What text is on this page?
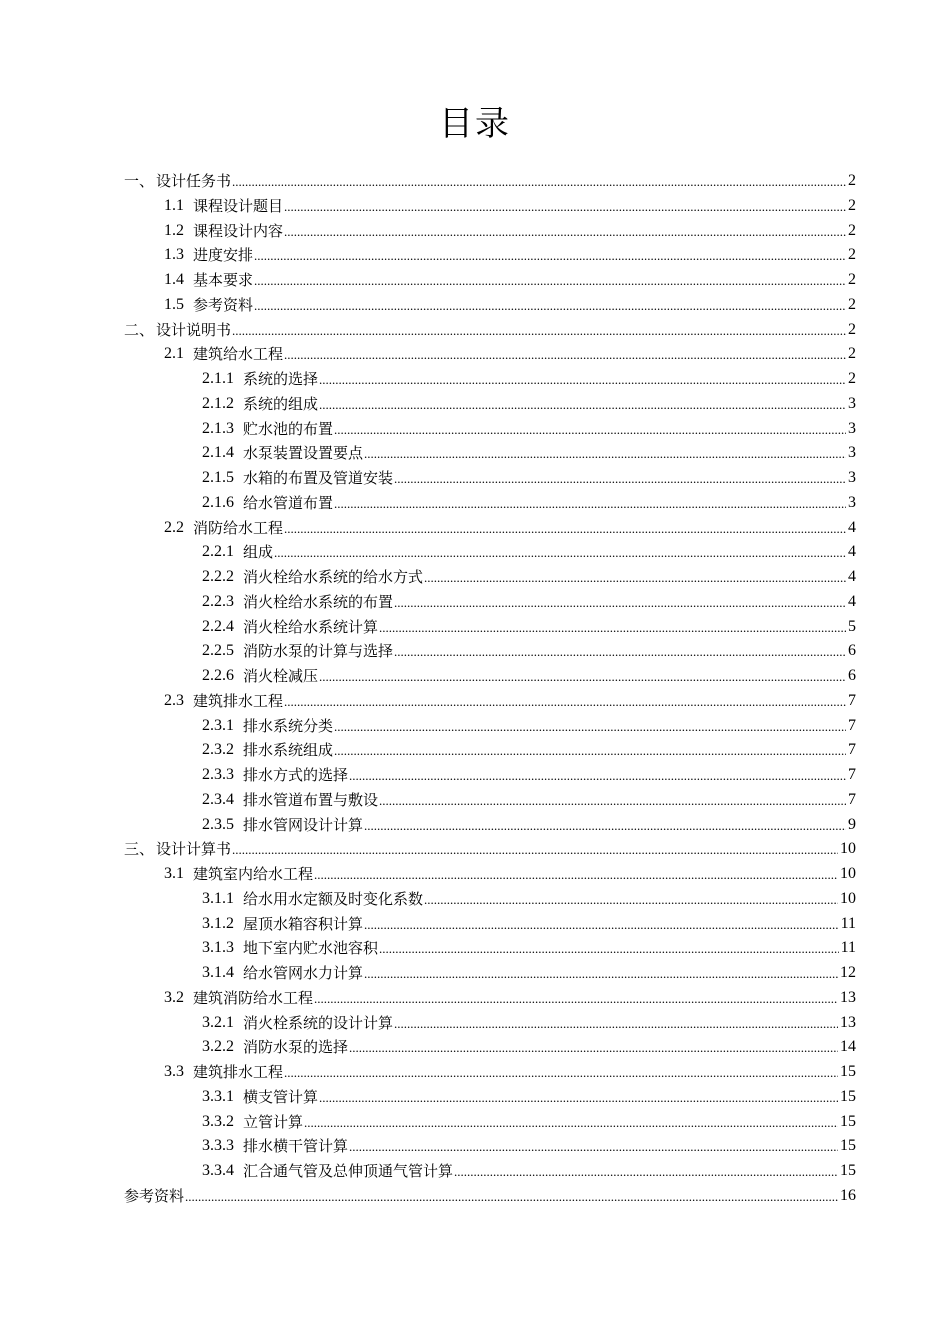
目录
一、 设计任务书 .....	2
1.1 课程设计题目 .....	2
1.2 课程设计内容 .....	2
1.3 进度安排 .....	2
1.4 基本要求 .....	2
1.5 参考资料 .....	2
二、 设计说明书 .....	2
2.1 建筑给水工程 .....	2
2.1.1 系统的选择 .....	2
2.1.2 系统的组成 .....	3
2.1.3 贮水池的布置 .....	3
2.1.4 水泵装置设置要点 .....	3
2.1.5 水箱的布置及管道安装 .....	3
2.1.6 给水管道布置 .....	3
2.2 消防给水工程 .....	4
2.2.1 组成 .....	4
2.2.2 消火栓给水系统的给水方式 .....	4
2.2.3 消火栓给水系统的布置 .....	4
2.2.4 消火栓给水系统计算 .....	5
2.2.5 消防水泵的计算与选择 .....	6
2.2.6 消火栓减压 .....	6
2.3 建筑排水工程 .....	7
2.3.1 排水系统分类 .....	7
2.3.2 排水系统组成 .....	7
2.3.3 排水方式的选择 .....	7
2.3.4 排水管道布置与敷设 .....	7
2.3.5 排水管网设计计算 .....	9
三、 设计计算书 .....	10
3.1 建筑室内给水工程 .....	10
3.1.1 给水用水定额及时变化系数 .....	10
3.1.2 屋顶水箱容积计算 .....	11
3.1.3 地下室内贮水池容积 .....	11
3.1.4 给水管网水力计算 .....	12
3.2 建筑消防给水工程 .....	13
3.2.1 消火栓系统的设计计算 .....	13
3.2.2 消防水泵的选择 .....	14
3.3 建筑排水工程 .....	15
3.3.1 横支管计算 .....	15
3.3.2 立管计算 .....	15
3.3.3 排水横干管计算 .....	15
3.3.4 汇合通气管及总伸顶通气管计算 .....	15
参考资料 .....	16
